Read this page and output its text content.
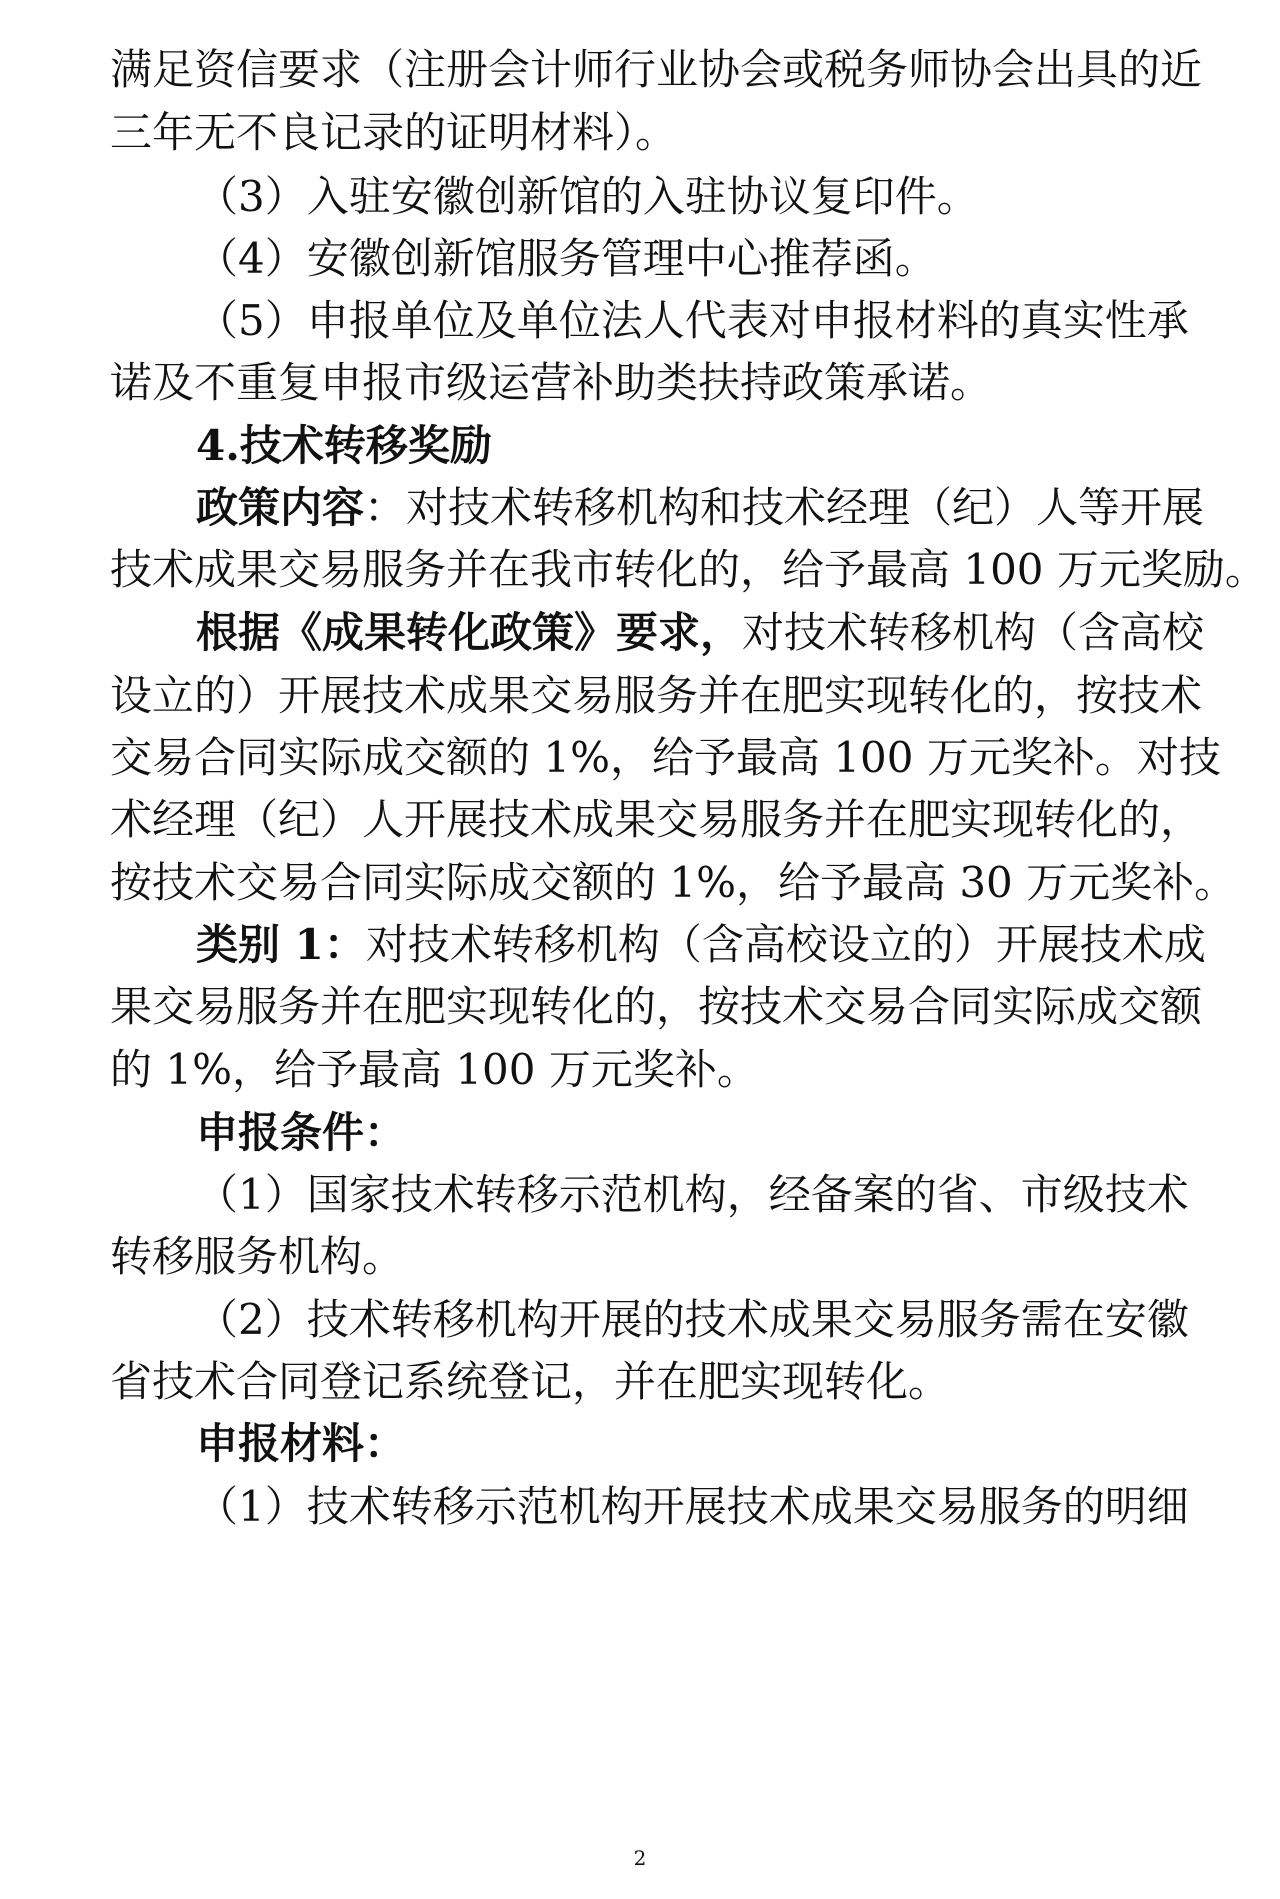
满足资信要求（注册会计师行业协会或税务师协会出具的近
三年无不良记录的证明材料）。
（3）入驻安徽创新馆的入驻协议复印件。
（4）安徽创新馆服务管理中心推荐函。
（5）申报单位及单位法人代表对申报材料的真实性承
诺及不重复申报市级运营补助类扶持政策承诺。
4.技术转移奖励
政策内容：对技术转移机构和技术经理（纪）人等开展
技术成果交易服务并在我市转化的，给予最高 100 万元奖励。
根据《成果转化政策》要求，对技术转移机构（含高校
设立的）开展技术成果交易服务并在肥实现转化的，按技术
交易合同实际成交额的 1%，给予最高 100 万元奖补。对技
术经理（纪）人开展技术成果交易服务并在肥实现转化的，
按技术交易合同实际成交额的 1%，给予最高 30 万元奖补。
类别 1：对技术转移机构（含高校设立的）开展技术成
果交易服务并在肥实现转化的，按技术交易合同实际成交额
的 1%，给予最高 100 万元奖补。
申报条件：
（1）国家技术转移示范机构，经备案的省、市级技术
转移服务机构。
（2）技术转移机构开展的技术成果交易服务需在安徽
省技术合同登记系统登记，并在肥实现转化。
申报材料：
（1）技术转移示范机构开展技术成果交易服务的明细
2
